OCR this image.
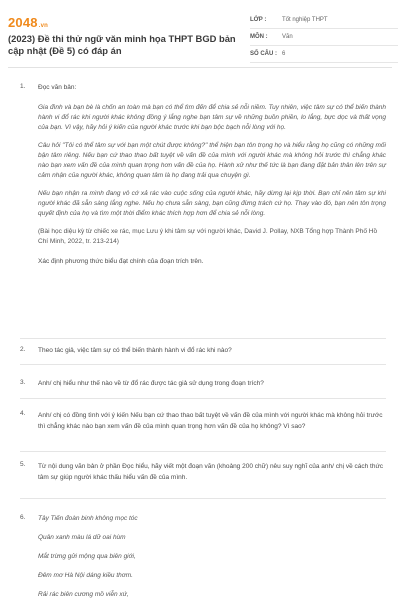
2048.vn
(2023) Đề thi thử ngữ văn minh họa THPT BGD bản cập nhật (Đề 5) có đáp án
LỚP :	Tốt nghiệp THPT
MÔN :	Văn
SỐ CÂU : 6
1. Đọc văn bản:
Gia đình và bạn bè là chốn an toàn mà bạn có thể tìm đến để chia sẻ nỗi niềm. Tuy nhiên, việc tâm sự có thể biến thành hành vi đổ rác khi người khác không đồng ý lắng nghe bạn tâm sự về những buồn phiền, lo lắng, bực dọc và thất vọng của bạn. Vì vậy, hãy hỏi ý kiến của người khác trước khi bạn bộc bạch nỗi lòng với họ.
Câu hỏi "Tôi có thể tâm sự với bạn một chút được không?" thể hiện bạn tôn trọng họ và hiểu rằng họ cũng có những mối bận tâm riêng. Nếu bạn cứ thao thao bất tuyệt về vấn đề của mình với người khác mà không hỏi trước thì chẳng khác nào bạn xem vấn đề của mình quan trọng hơn vấn đề của họ. Hành xử như thế tức là bạn đang đặt bản thân lên trên sự cảm nhận của người khác, không quan tâm là họ đang trải qua chuyện gì.
Nếu bạn nhận ra mình đang vô cớ xả rác vào cuộc sống của người khác, hãy dừng lại kịp thời. Bạn chỉ nên tâm sự khi người khác đã sẵn sàng lắng nghe. Nếu họ chưa sẵn sàng, bạn cũng đừng trách cứ họ. Thay vào đó, bạn nên tôn trọng quyết định của họ và tìm một thời điểm khác thích hợp hơn để chia sẻ nỗi lòng.
(Bài học diệu kỳ từ chiếc xe rác, mục Lưu ý khi tâm sự với người khác, David J. Pollay, NXB Tổng hợp Thành Phố Hồ Chí Minh, 2022, tr. 213-214)
Xác định phương thức biểu đạt chính của đoạn trích trên.
2. Theo tác giả, việc tâm sự có thể biến thành hành vi đổ rác khi nào?
3. Anh/ chị hiểu như thế nào về từ đổ rác được tác giả sử dụng trong đoạn trích?
4. Anh/ chị có đồng tình với ý kiến Nếu bạn cứ thao thao bất tuyệt về vấn đề của mình với người khác mà không hỏi trước thì chẳng khác nào bạn xem vấn đề của mình quan trọng hơn vấn đề của họ không? Vì sao?
5. Từ nội dung văn bản ở phần Đọc hiểu, hãy viết một đoạn văn (khoảng 200 chữ) nêu suy nghĩ của anh/ chị về cách thức tâm sự giúp người khác thấu hiểu vấn đề của mình.
6. Tây Tiến đoàn binh không mọc tóc
Quân xanh màu lá dữ oai hùm
Mắt trừng gửi mộng qua biên giới,
Đêm mơ Hà Nội dáng kiều thơm.
Rải rác biên cương mồ viễn xứ,
